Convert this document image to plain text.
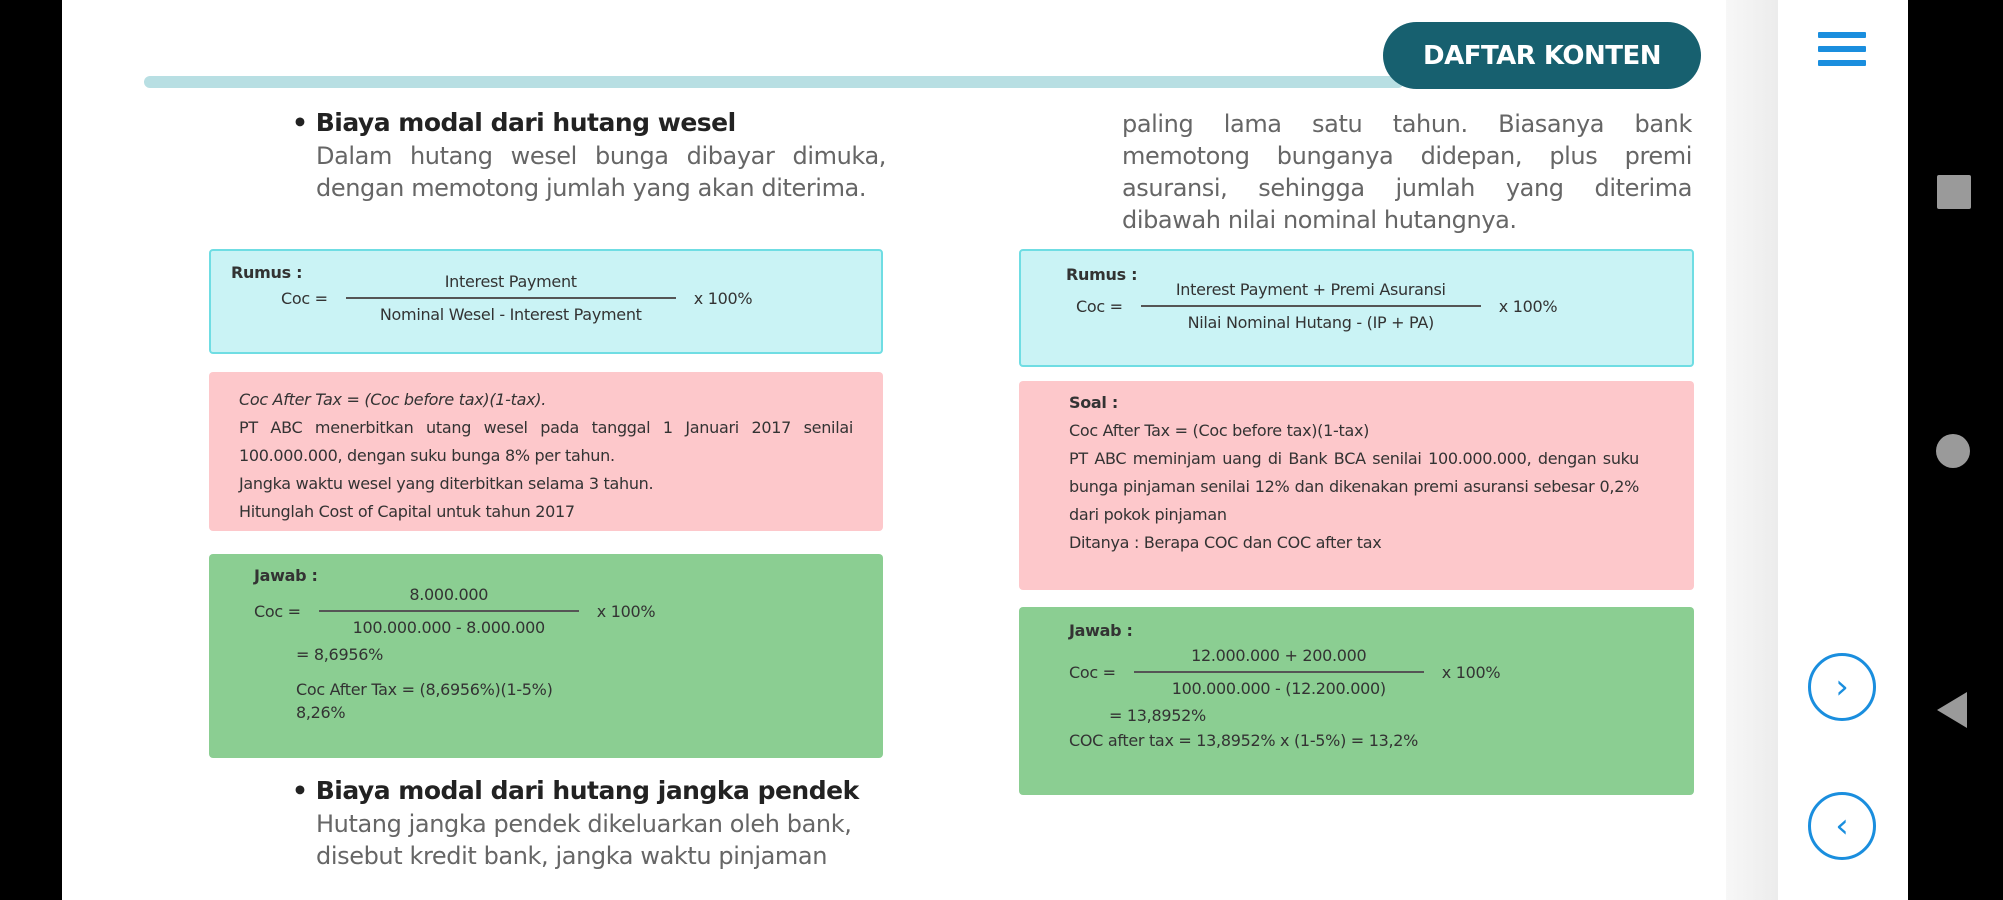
DAFTAR KONTEN
• Biaya modal dari hutang wesel
Dalam hutang wesel bunga dibayar dimuka, dengan memotong jumlah yang akan diterima.
Rumus :
Coc = $\frac{\text{Interest Payment}}{\text{Nominal Wesel - Interest Payment}}$ x 100%
Coc After Tax = (Coc before tax)(1-tax).
PT ABC menerbitkan utang wesel pada tanggal 1 Januari 2017 senilai 100.000.000, dengan suku bunga 8% per tahun.
Jangka waktu wesel yang diterbitkan selama 3 tahun.
Hitunglah Cost of Capital untuk tahun 2017
Jawab :
Coc = $\frac{8.000.000}{100.000.000 - 8.000.000}$ x 100%
= 8,6956%
Coc After Tax = (8,6956%)(1-5%)
8,26%
• Biaya modal dari hutang jangka pendek
Hutang jangka pendek dikeluarkan oleh bank, disebut kredit bank, jangka waktu pinjaman
paling lama satu tahun. Biasanya bank memotong bunganya didepan, plus premi asuransi, sehingga jumlah yang diterima dibawah nilai nominal hutangnya.
Rumus :
Coc = $\frac{\text{Interest Payment + Premi Asuransi}}{\text{Nilai Nominal Hutang - (IP + PA)}}$ x 100%
Soal :
Coc After Tax = (Coc before tax)(1-tax)
PT ABC meminjam uang di Bank BCA senilai 100.000.000, dengan suku bunga pinjaman senilai 12% dan dikenakan premi asuransi sebesar 0,2% dari pokok pinjaman
Ditanya : Berapa COC dan COC after tax
Jawab :
Coc = $\frac{12.000.000 + 200.000}{100.000.000 - (12.200.000)}$ x 100%
= 13,8952%
COC after tax = 13,8952% x (1-5%) = 13,2%
›
‹
